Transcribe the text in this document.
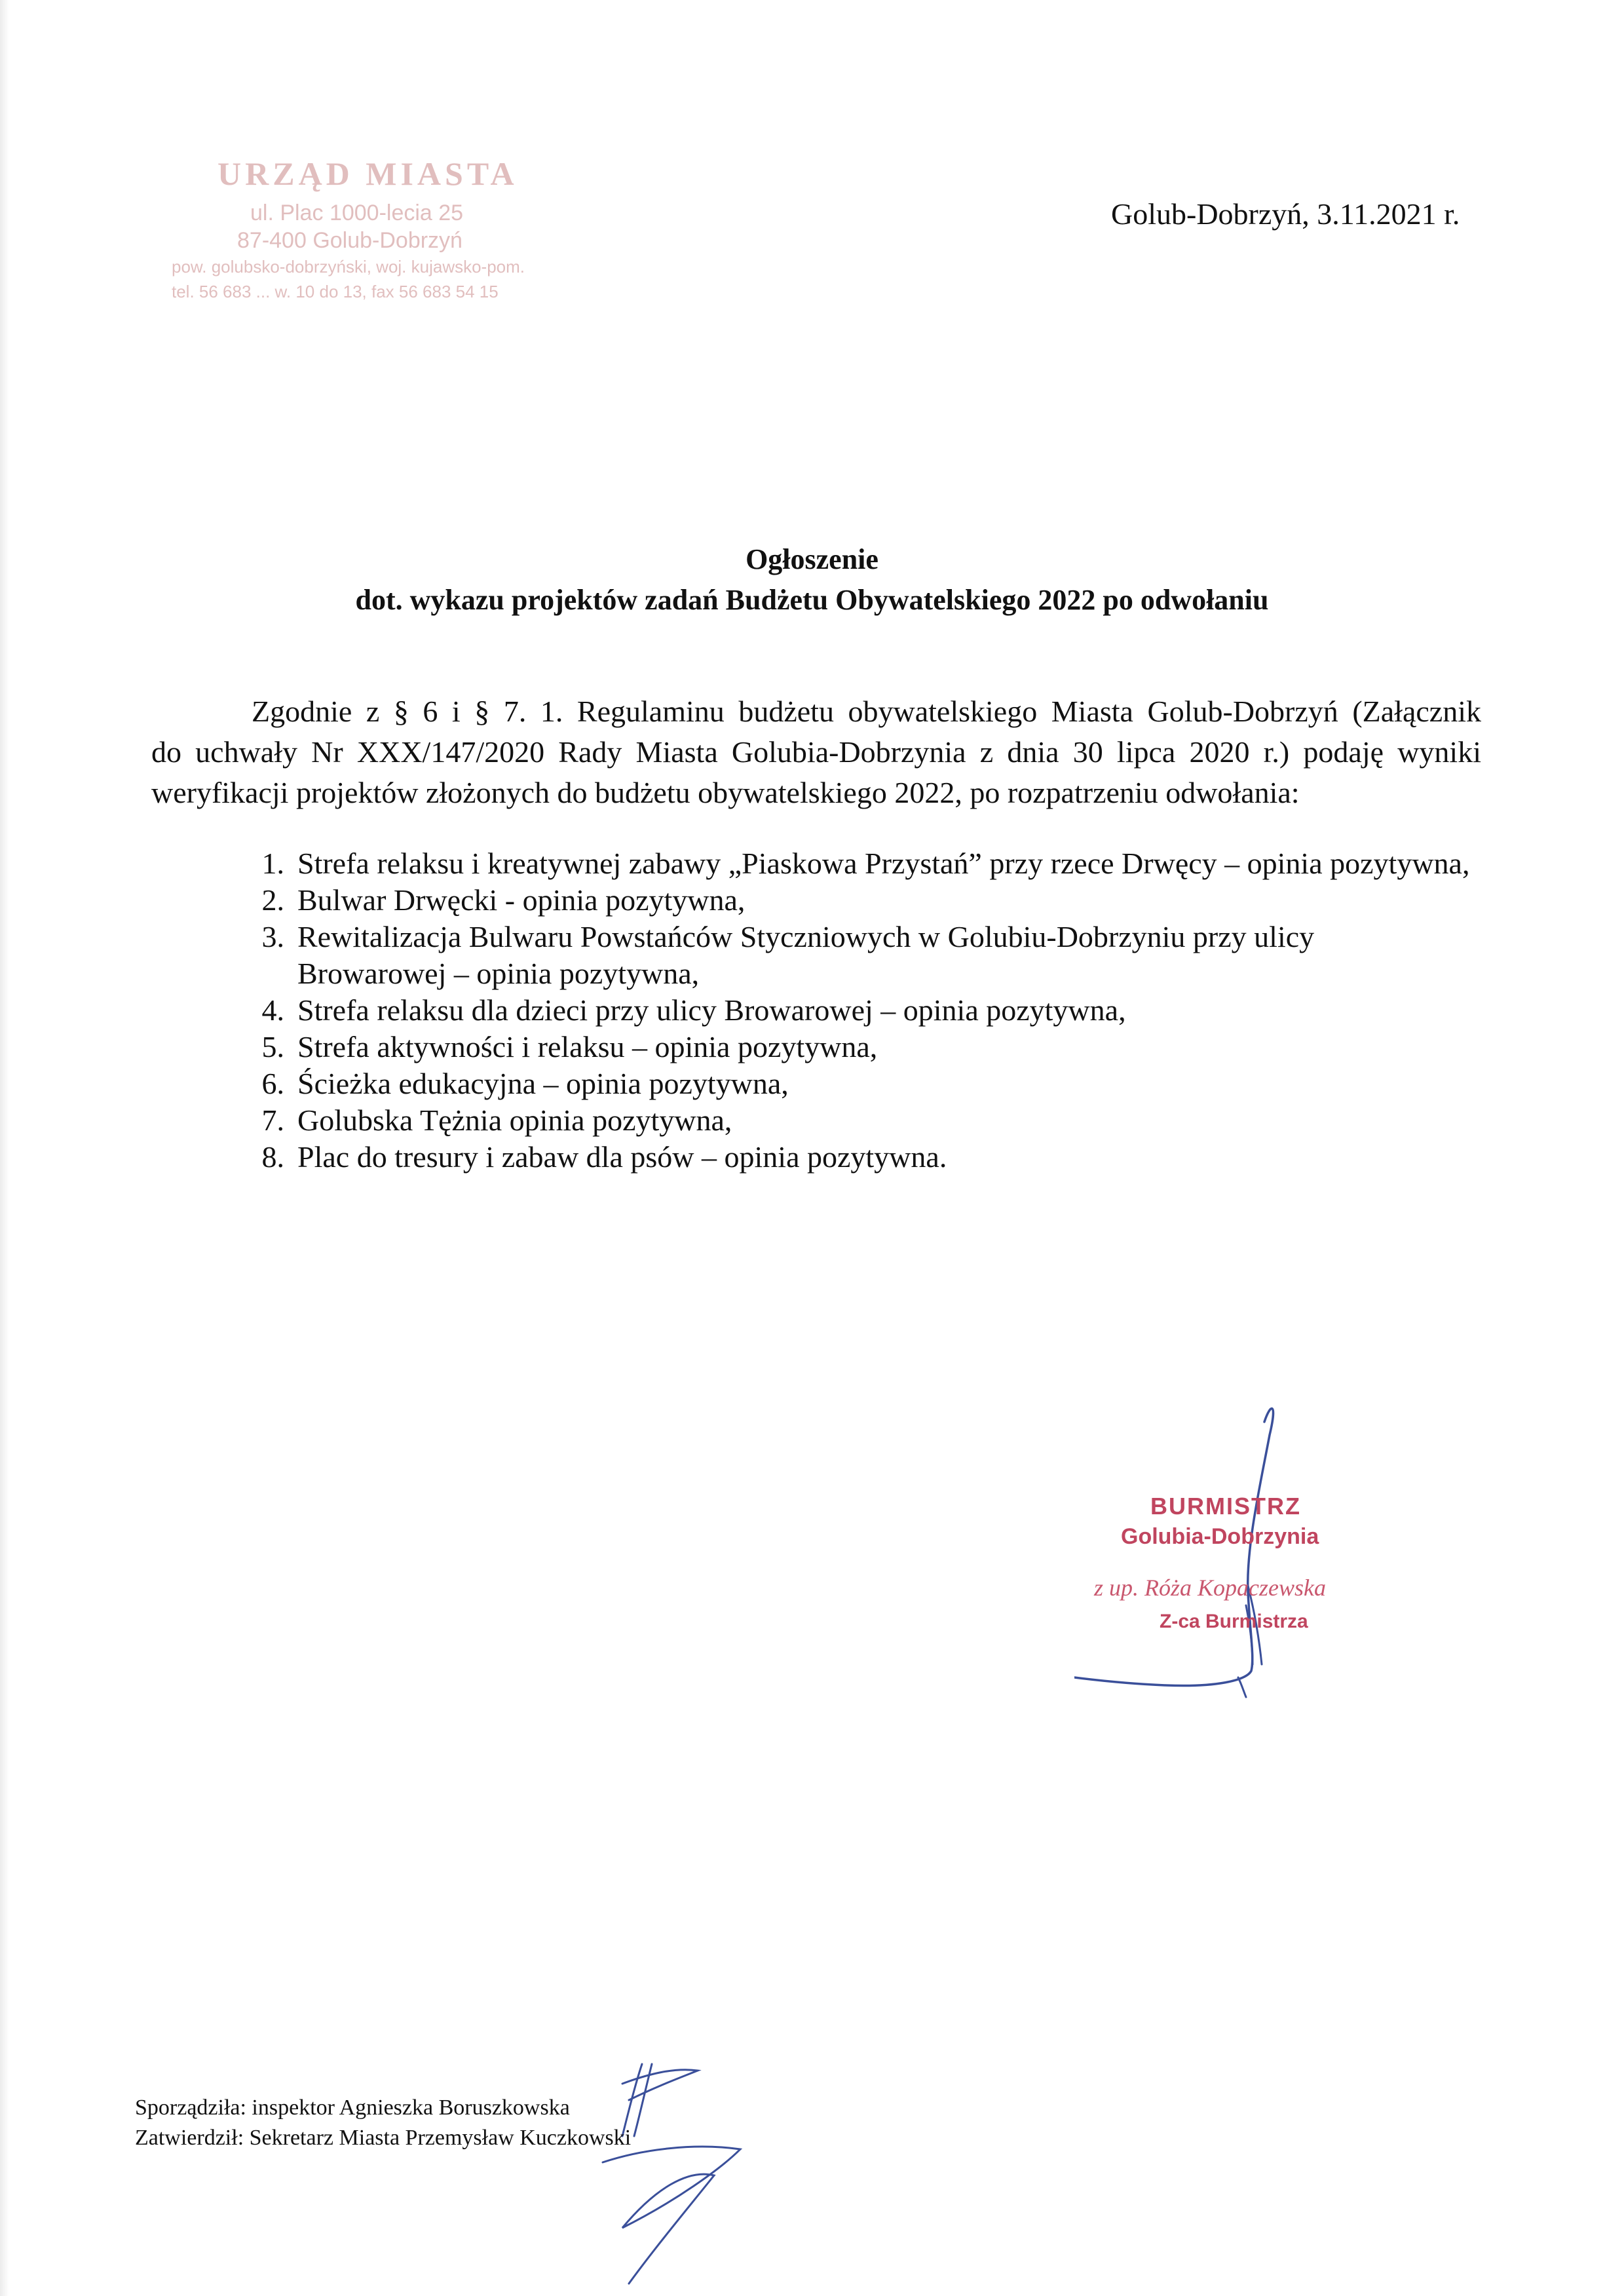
URZĄD MIASTA
ul. Plac 1000-lecia 25
87-400 Golub-Dobrzyń
pow. golubsko-dobrzyński, woj. kujawsko-pom.
tel. 56 683 ... w. 10 do 13, fax 56 683 54 15
Golub-Dobrzyń, 3.11.2021 r.
Ogłoszenie
dot. wykazu projektów zadań Budżetu Obywatelskiego 2022 po odwołaniu
Zgodnie z § 6 i § 7. 1. Regulaminu budżetu obywatelskiego Miasta Golub-Dobrzyń (Załącznik
do uchwały Nr XXX/147/2020 Rady Miasta Golubia-Dobrzynia z dnia 30 lipca 2020 r.) podaję wyniki
weryfikacji projektów złożonych do budżetu obywatelskiego 2022, po rozpatrzeniu odwołania:
1. Strefa relaksu i kreatywnej zabawy „Piaskowa Przystań” przy rzece Drwęcy – opinia pozytywna,
2. Bulwar Drwęcki - opinia pozytywna,
3. Rewitalizacja Bulwaru Powstańców Styczniowych w Golubiu-Dobrzyniu przy ulicy Browarowej – opinia pozytywna,
4. Strefa relaksu dla dzieci przy ulicy Browarowej – opinia pozytywna,
5. Strefa aktywności i relaksu – opinia pozytywna,
6. Ścieżka edukacyjna – opinia pozytywna,
7. Golubska Tężnia opinia pozytywna,
8. Plac do tresury i zabaw dla psów – opinia pozytywna.
BURMISTRZ
Golubia-Dobrzynia
z up. Róża Kopaczewska
Z-ca Burmistrza
Sporządziła: inspektor Agnieszka Boruszkowska
Zatwierdził: Sekretarz Miasta Przemysław Kuczkowski
